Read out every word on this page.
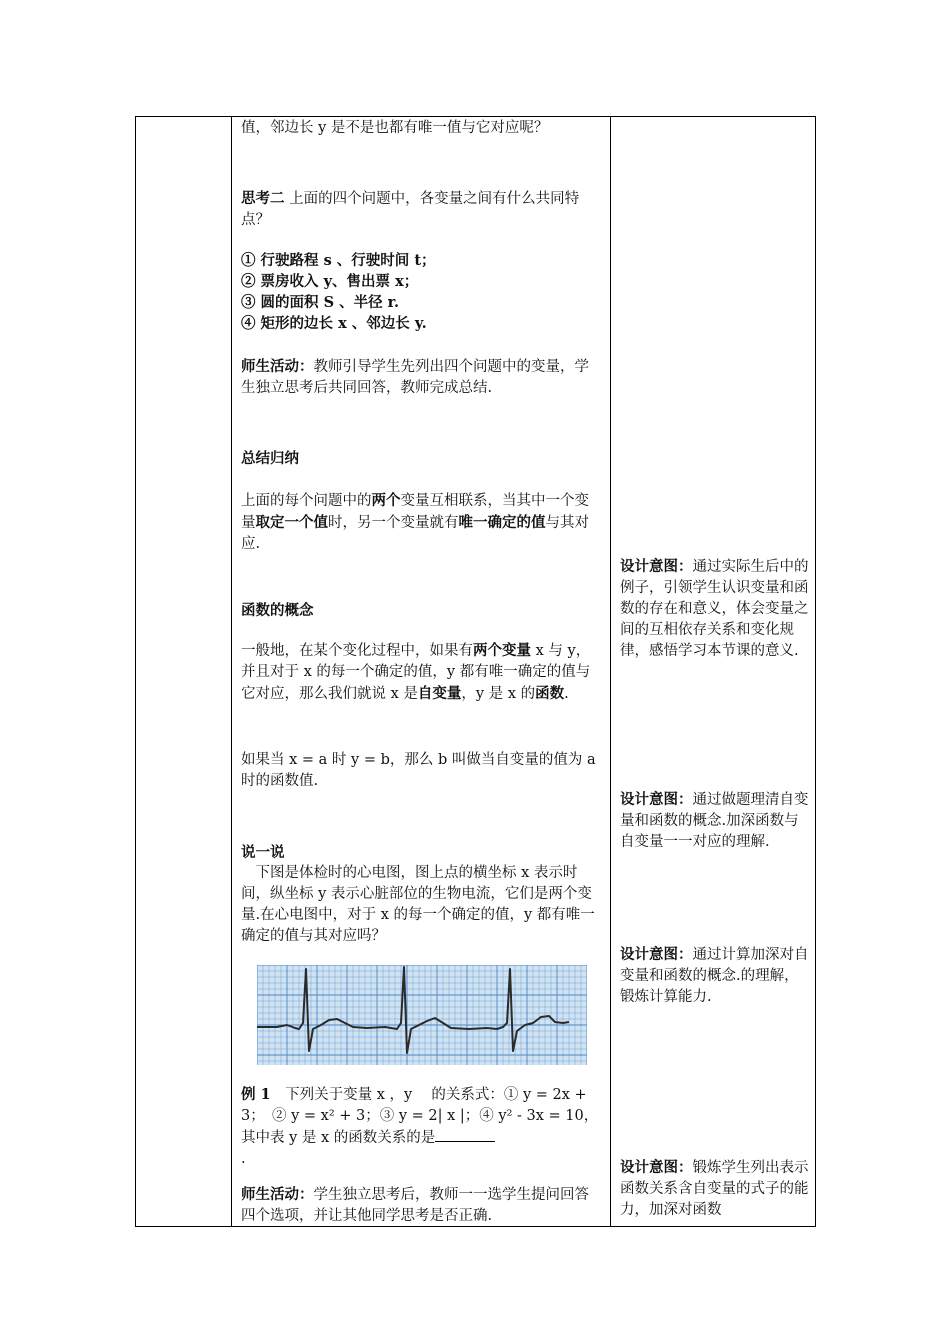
值，邻边长 y 是不是也都有唯一值与它对应呢？

思考二 上面的四个问题中，各变量之间有什么共同特点？

① 行驶路程 s 、行驶时间 t；

② 票房收入 y、售出票 x；

③ 圆的面积 S 、半径 r.

④ 矩形的边长 x 、邻边长 y.

师生活动：教师引导学生先列出四个问题中的变量，学生独立思考后共同回答，教师完成总结.

总结归纳

上面的每个问题中的两个变量互相联系，当其中一个变量取定一个值时，另一个变量就有唯一确定的值与其对应.

函数的概念

一般地，在某个变化过程中，如果有两个变量 x 与 y，并且对于 x 的每一个确定的值，y 都有唯一确定的值与它对应，那么我们就说 x 是自变量，y 是 x 的函数.

如果当 x = a 时 y = b，那么 b 叫做当自变量的值为 a 时的函数值.

说一说

下图是体检时的心电图，图上点的横坐标 x 表示时间，纵坐标 y 表示心脏部位的生物电流，它们是两个变量.在心电图中，对于 x 的每一个确定的值，y 都有唯一确定的值与其对应吗？

例 1　下列关于变量 x ，y 　的关系式：① y = 2x + 3；　② y = x² + 3；③ y = 2| x |；④ y² - 3x = 10，其中表 y 是 x 的函数关系的是
.

师生活动：学生独立思考后，教师一一选学生提问回答四个选项，并让其他同学思考是否正确.

设计意图：通过实际生后中的例子，引领学生认识变量和函数的存在和意义，体会变量之间的互相依存关系和变化规律，感悟学习本节课的意义.

设计意图：通过做题理清自变量和函数的概念.加深函数与自变量一一对应的理解.

设计意图：通过计算加深对自变量和函数的概念.的理解，锻炼计算能力.

设计意图：锻炼学生列出表示函数关系含自变量的式子的能力，加深对函数
